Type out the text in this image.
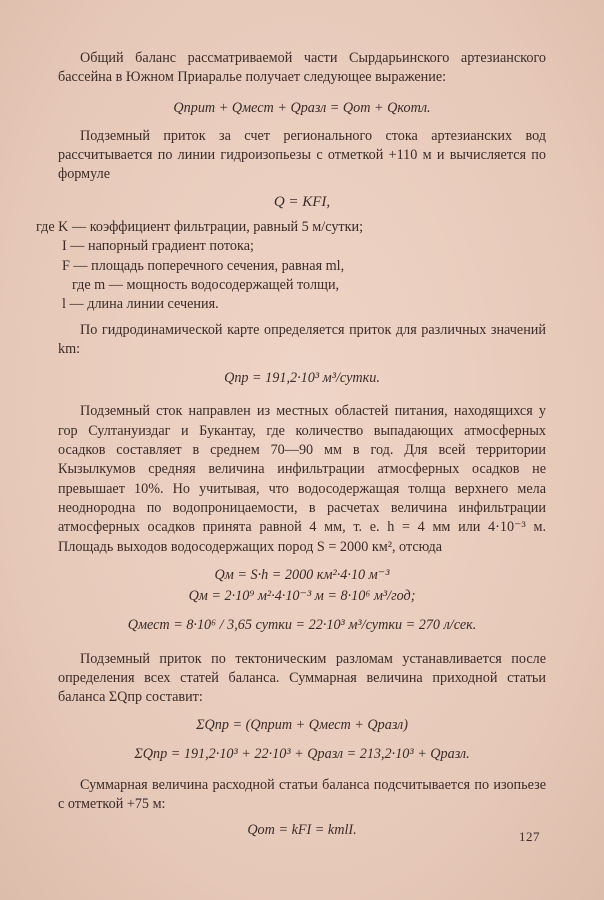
Общий баланс рассматриваемой части Сырдарьинского артезианского бассейна в Южном Приаралье получает следующее выражение:

Qприт + Qмест + Qразл = Qот + Qкотл.

Подземный приток за счет регионального стока артезианских вод рассчитывается по линии гидроизопьезы с отметкой +110 м и вычисляется по формуле

Q = KFI,

где K — коэффициент фильтрации, равный 5 м/сутки;

I — напорный градиент потока;

F — площадь поперечного сечения, равная ml,

где m — мощность водосодержащей толщи,

l — длина линии сечения.

По гидродинамической карте определяется приток для различных значений km:

Qпр = 191,2·10³ м³/сутки.

Подземный сток направлен из местных областей питания, находящихся у гор Султануиздаг и Букантау, где количество выпадающих атмосферных осадков составляет в среднем 70—90 мм в год. Для всей территории Кызылкумов средняя величина инфильтрации атмосферных осадков не превышает 10%. Но учитывая, что водосодержащая толща верхнего мела неоднородна по водопроницаемости, в расчетах величина инфильтрации атмосферных осадков принята равной 4 мм, т. е. h = 4 мм или 4·10⁻³ м. Площадь выходов водосодержащих пород S = 2000 км², отсюда

Qм = S·h = 2000 км²·4·10 м⁻³

Qм = 2·10⁹ м²·4·10⁻³ м = 8·10⁶ м³/год;

Qмест = 8·10⁶ / 3,65 сутки = 22·10³ м³/сутки = 270 л/сек.

Подземный приток по тектоническим разломам устанавливается после определения всех статей баланса. Суммарная величина приходной статьи баланса ΣQпр составит:

ΣQпр = (Qприт + Qмест + Qразл)

ΣQпр = 191,2·10³ + 22·10³ + Qразл = 213,2·10³ + Qразл.

Суммарная величина расходной статьи баланса подсчитывается по изопьезе с отметкой +75 м:

Qот = kFI = kmlI.	127
